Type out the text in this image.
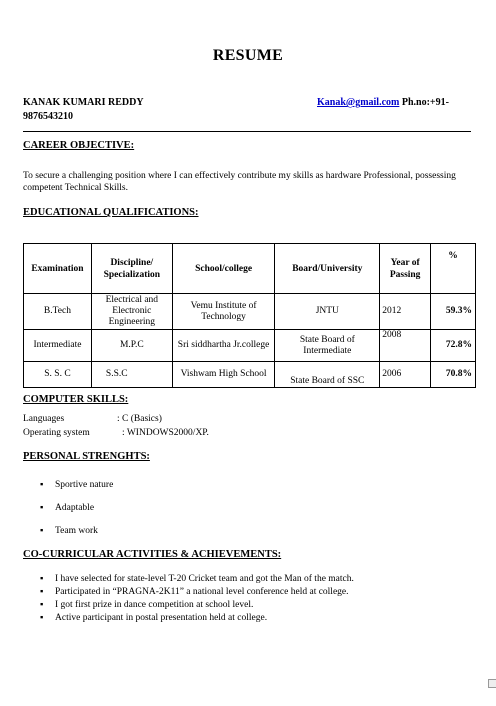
RESUME
KANAK KUMARI REDDY	Kanak@gmail.com Ph.no:+91-
9876543210
CAREER OBJECTIVE:
To secure a challenging position where I can effectively contribute my skills as hardware Professional, possessing competent Technical Skills.
EDUCATIONAL QUALIFICATIONS:
Examination	Discipline/ Specialization	School/college	Board/University	Year of Passing	%
B.Tech	Electrical and Electronic Engineering	Vemu Institute of Technology	JNTU	2012	59.3%
Intermediate	M.P.C	Sri siddhartha Jr.college	State Board of Intermediate	2008	72.8%
S. S. C	S.S.C	Vishwam High School	State Board of SSC	2006	70.8%
COMPUTER SKILLS:
Languages	: C (Basics)
Operating system	: WINDOWS2000/XP.
PERSONAL STRENGHTS:
▪ Sportive nature
▪ Adaptable
▪ Team work
CO-CURRICULAR ACTIVITIES & ACHIEVEMENTS:
▪ I have selected for state-level T-20 Cricket team and got the Man of the match.
▪ Participated in “PRAGNA-2K11” a national level conference held at college.
▪ I got first prize in dance competition at school level.
▪ Active participant in postal presentation held at college.
